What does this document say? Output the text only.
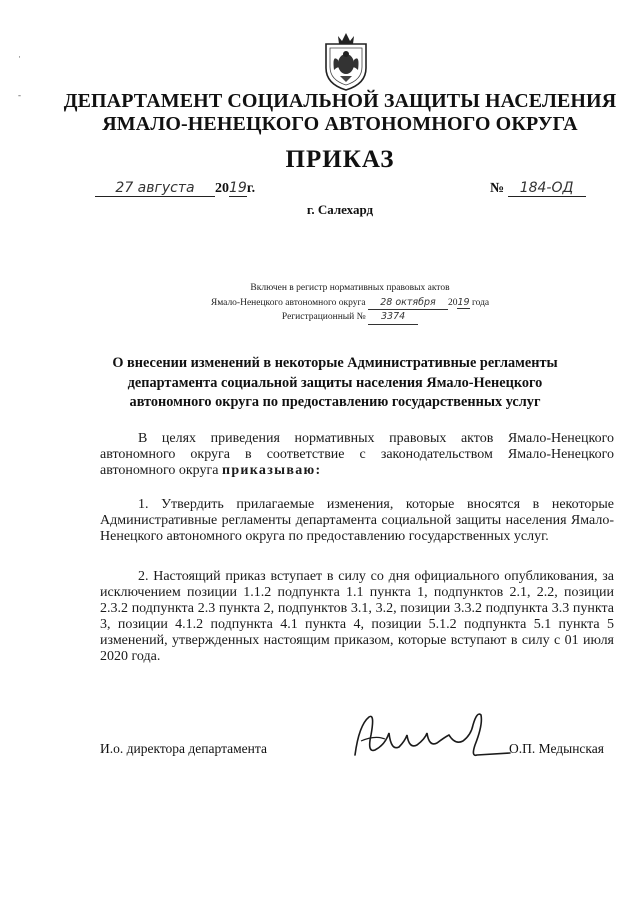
·
-	ДЕПАРТАМЕНТ СОЦИАЛЬНОЙ ЗАЩИТЫ НАСЕЛЕНИЯ
ЯМАЛО-НЕНЕЦКОГО АВТОНОМНОГО ОКРУГА
ПРИКАЗ
27 августа 2019г.	№ 184-ОД
г. Салехард
Включен в регистр нормативных правовых актов
Ямало-Ненецкого автономного округа 28 октября 2019 года
Регистрационный № 3374
О внесении изменений в некоторые Административные регламенты департамента социальной защиты населения Ямало-Ненецкого автономного округа по предоставлению государственных услуг
В целях приведения нормативных правовых актов Ямало-Ненецкого автономного округа в соответствие с законодательством Ямало-Ненецкого автономного округа приказываю:
1. Утвердить прилагаемые изменения, которые вносятся в некоторые Административные регламенты департамента социальной защиты населения Ямало-Ненецкого автономного округа по предоставлению государственных услуг.
2. Настоящий приказ вступает в силу со дня официального опубликования, за исключением позиции 1.1.2 подпункта 1.1 пункта 1, подпунктов 2.1, 2.2, позиции 2.3.2 подпункта 2.3 пункта 2, подпунктов 3.1, 3.2, позиции 3.3.2 подпункта 3.3 пункта 3, позиции 4.1.2 подпункта 4.1 пункта 4, позиции 5.1.2 подпункта 5.1 пункта 5 изменений, утвержденных настоящим приказом, которые вступают в силу с 01 июля 2020 года.
И.о. директора департамента	О.П. Медынская
